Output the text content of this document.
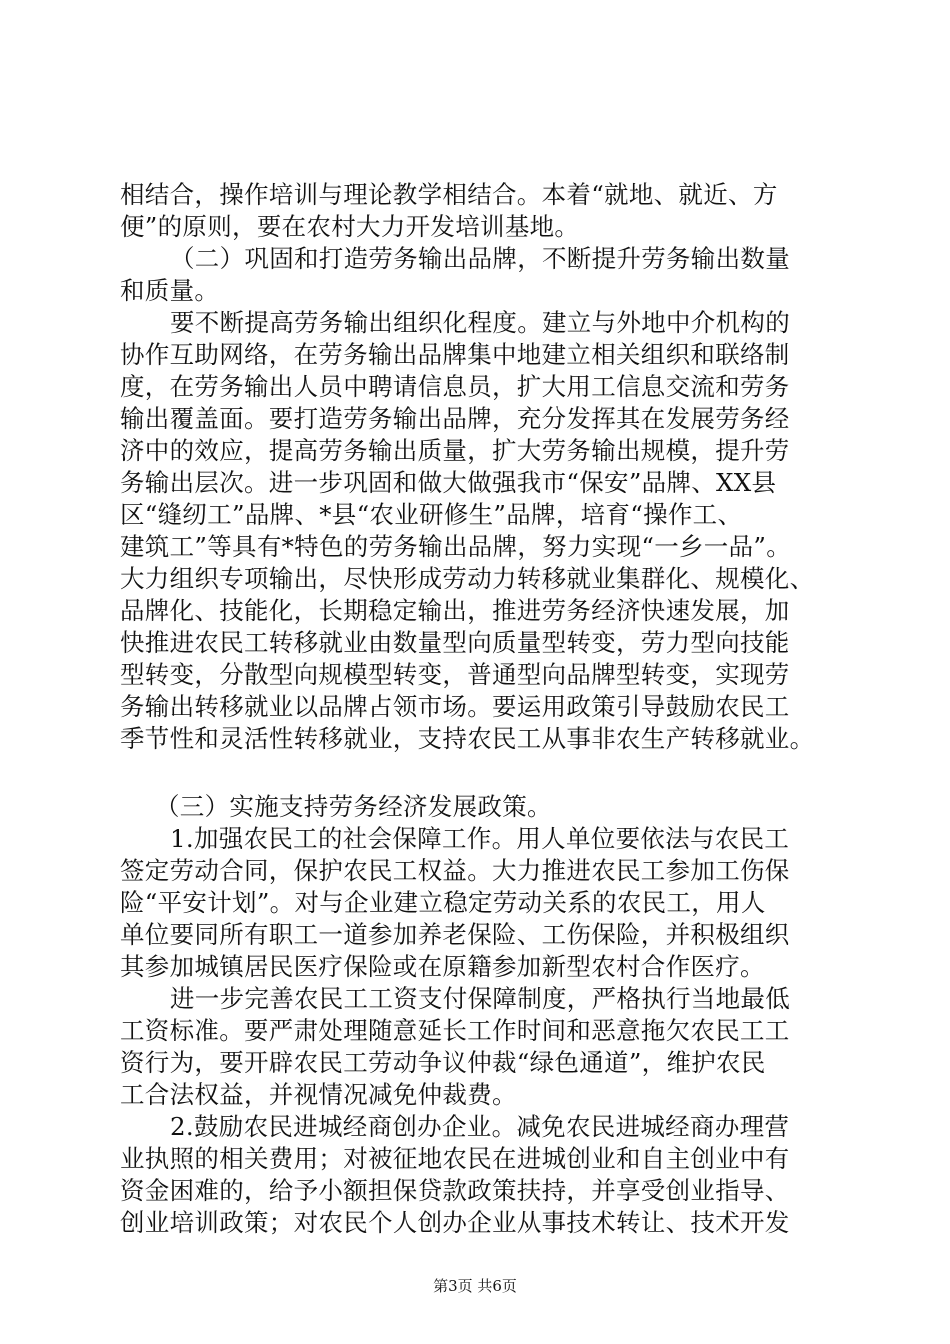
相结合，操作培训与理论教学相结合。本着“就地、就近、方
便”的原则，要在农村大力开发培训基地。
（二）巩固和打造劳务输出品牌，不断提升劳务输出数量
和质量。
要不断提高劳务输出组织化程度。建立与外地中介机构的
协作互助网络，在劳务输出品牌集中地建立相关组织和联络制
度，在劳务输出人员中聘请信息员，扩大用工信息交流和劳务
输出覆盖面。要打造劳务输出品牌，充分发挥其在发展劳务经
济中的效应，提高劳务输出质量，扩大劳务输出规模，提升劳
务输出层次。进一步巩固和做大做强我市“保安”品牌、XX县
区“缝纫工”品牌、*县“农业研修生”品牌，培育“操作工、
建筑工”等具有*特色的劳务输出品牌，努力实现“一乡一品”。
大力组织专项输出，尽快形成劳动力转移就业集群化、规模化、
品牌化、技能化，长期稳定输出，推进劳务经济快速发展，加
快推进农民工转移就业由数量型向质量型转变，劳力型向技能
型转变，分散型向规模型转变，普通型向品牌型转变，实现劳
务输出转移就业以品牌占领市场。要运用政策引导鼓励农民工
季节性和灵活性转移就业，支持农民工从事非农生产转移就业。
（三）实施支持劳务经济发展政策。
1.加强农民工的社会保障工作。用人单位要依法与农民工
签定劳动合同，保护农民工权益。大力推进农民工参加工伤保
险“平安计划”。对与企业建立稳定劳动关系的农民工，用人
单位要同所有职工一道参加养老保险、工伤保险，并积极组织
其参加城镇居民医疗保险或在原籍参加新型农村合作医疗。
进一步完善农民工工资支付保障制度，严格执行当地最低
工资标准。要严肃处理随意延长工作时间和恶意拖欠农民工工
资行为，要开辟农民工劳动争议仲裁“绿色通道”，维护农民
工合法权益，并视情况减免仲裁费。
2.鼓励农民进城经商创办企业。减免农民进城经商办理营
业执照的相关费用；对被征地农民在进城创业和自主创业中有
资金困难的，给予小额担保贷款政策扶持，并享受创业指导、
创业培训政策；对农民个人创办企业从事技术转让、技术开发
第3页 共6页
